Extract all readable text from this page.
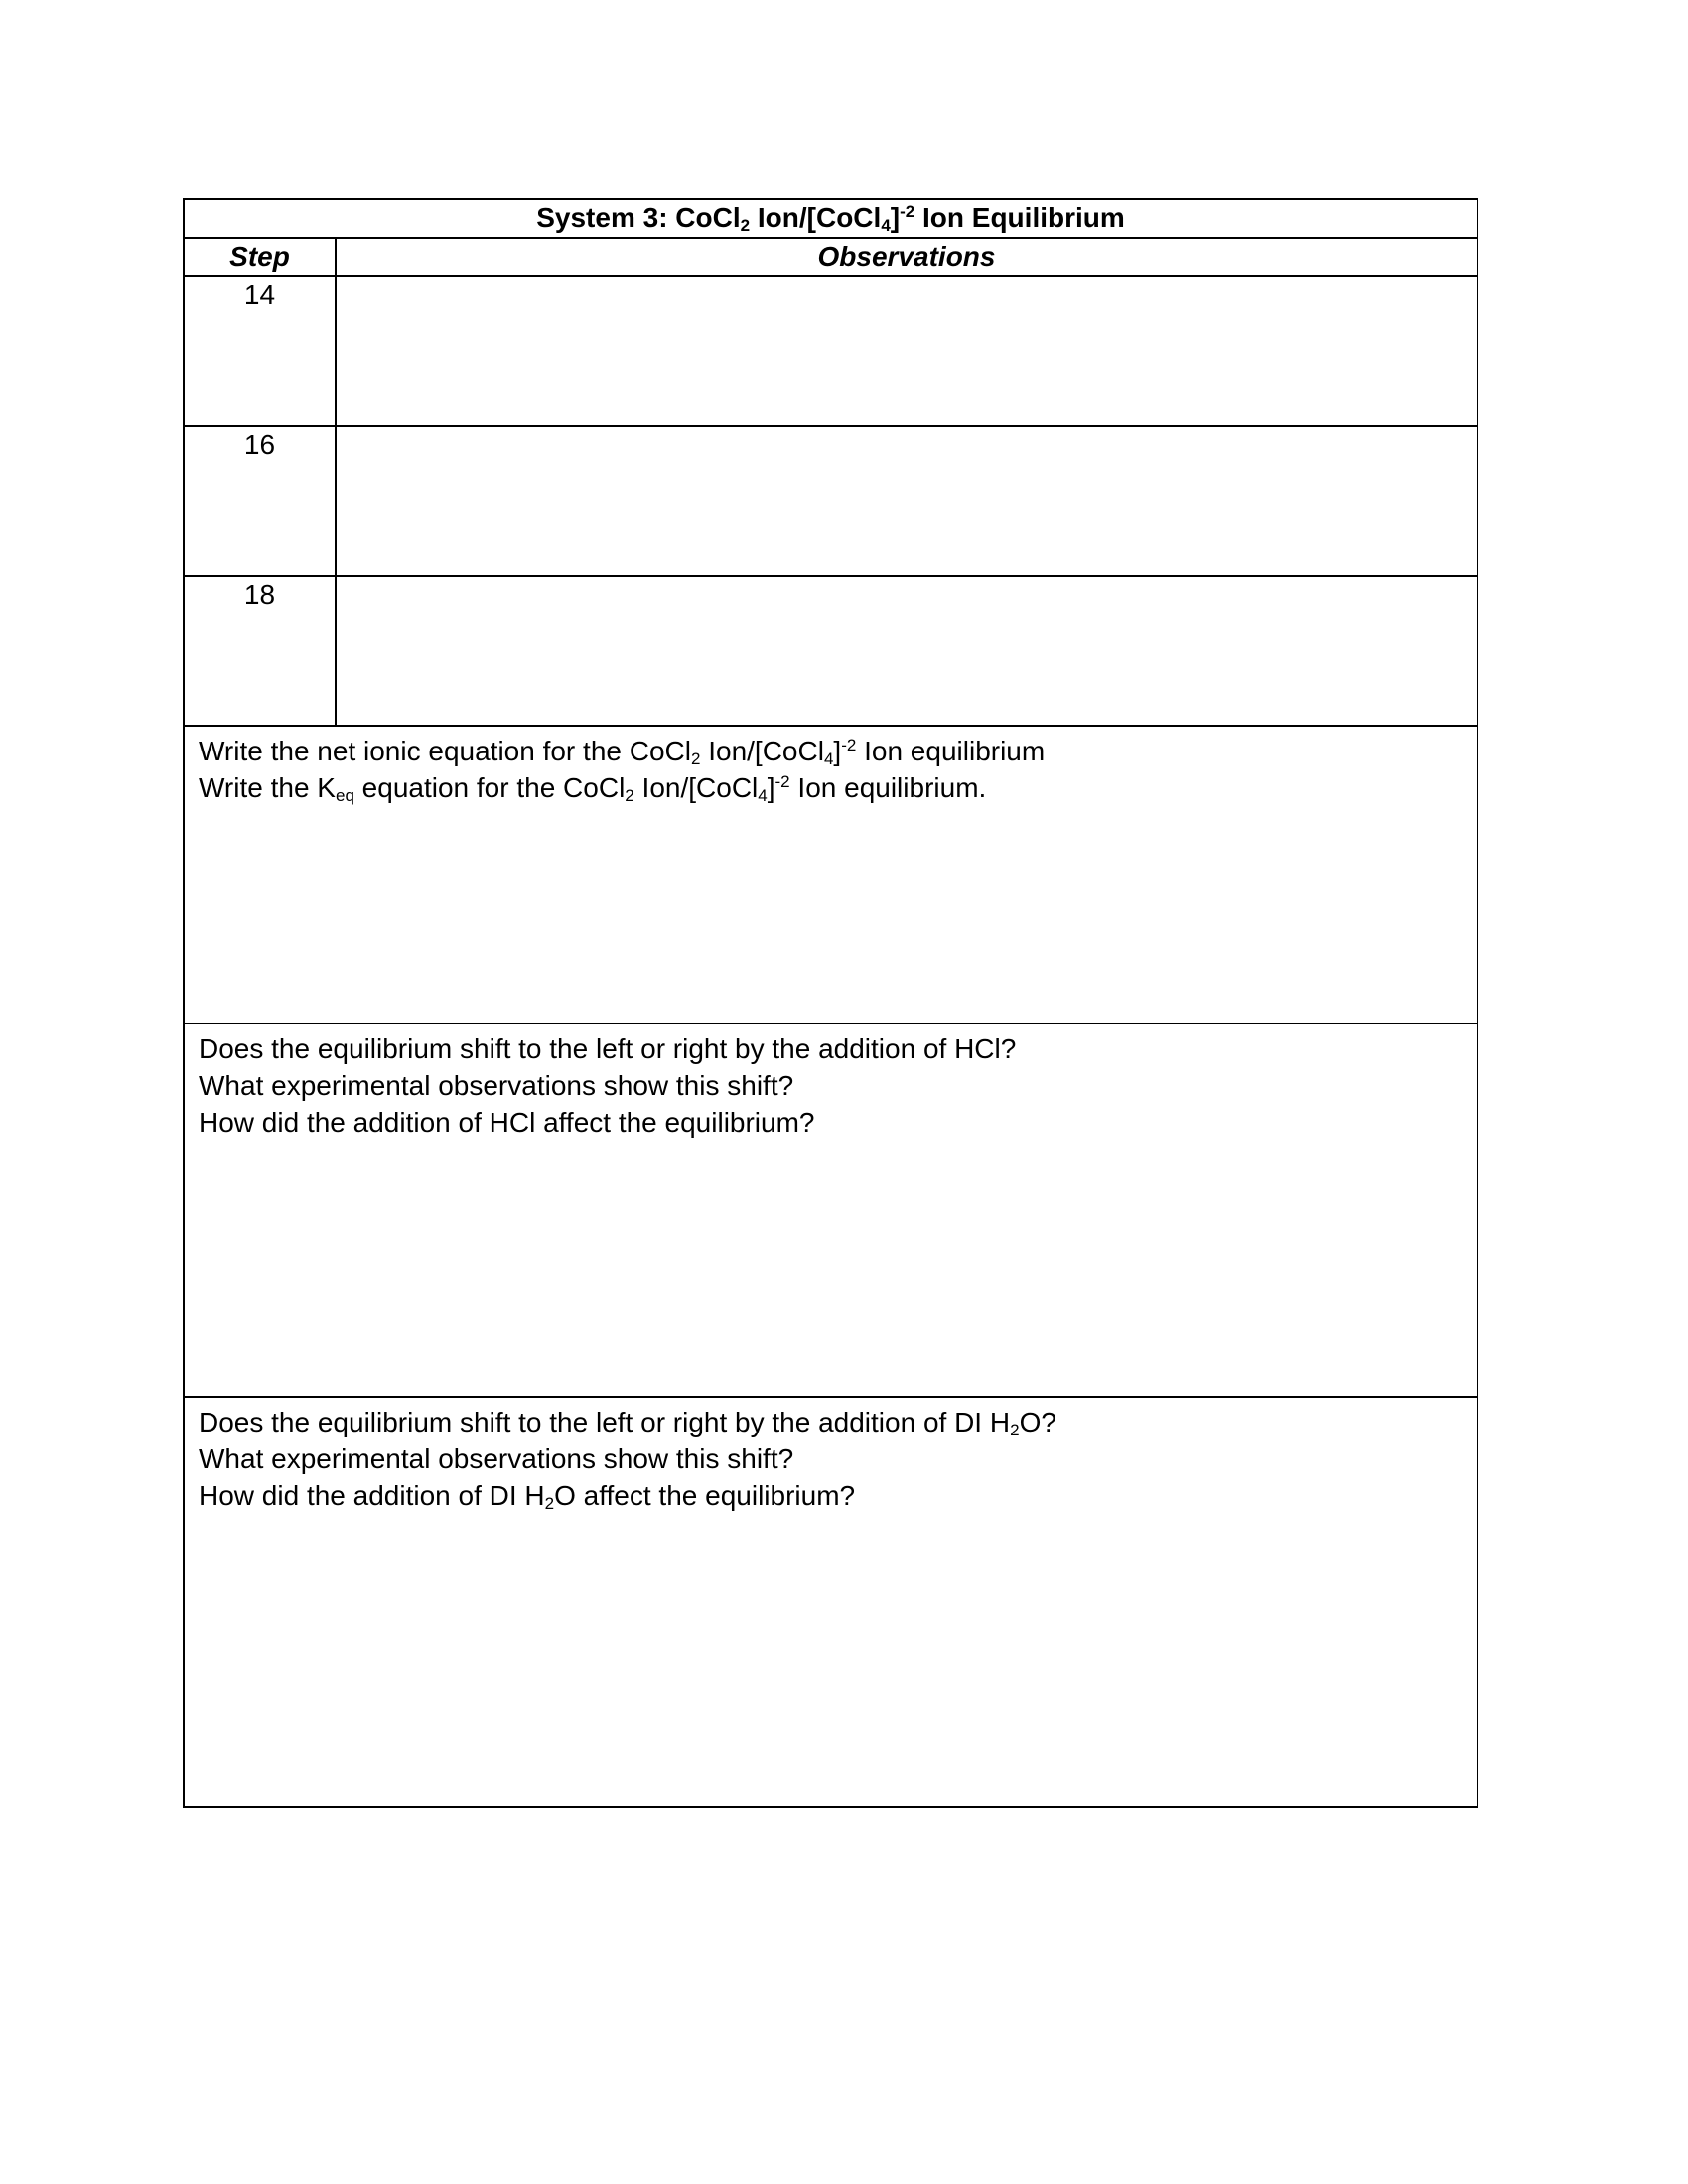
System 3: CoCl$_2$ Ion/[CoCl$_4$]$^{-2}$ Ion Equilibrium	
Step	Observations
14	
16	
18	

Write the net ionic equation for the CoCl$_2$ Ion/[CoCl$_4$]$^{-2}$ Ion equilibrium
Write the $K_{eq}$ equation for the CoCl$_2$ Ion/[CoCl$_4$]$^{-2}$ Ion equilibrium.	

Does the equilibrium shift to the left or right by the addition of HCl?
What experimental observations show this shift?
How did the addition of HCl affect the equilibrium?	

Does the equilibrium shift to the left or right by the addition of DI $H_2O$?
What experimental observations show this shift?
How did the addition of DI $H_2O$ affect the equilibrium?	
